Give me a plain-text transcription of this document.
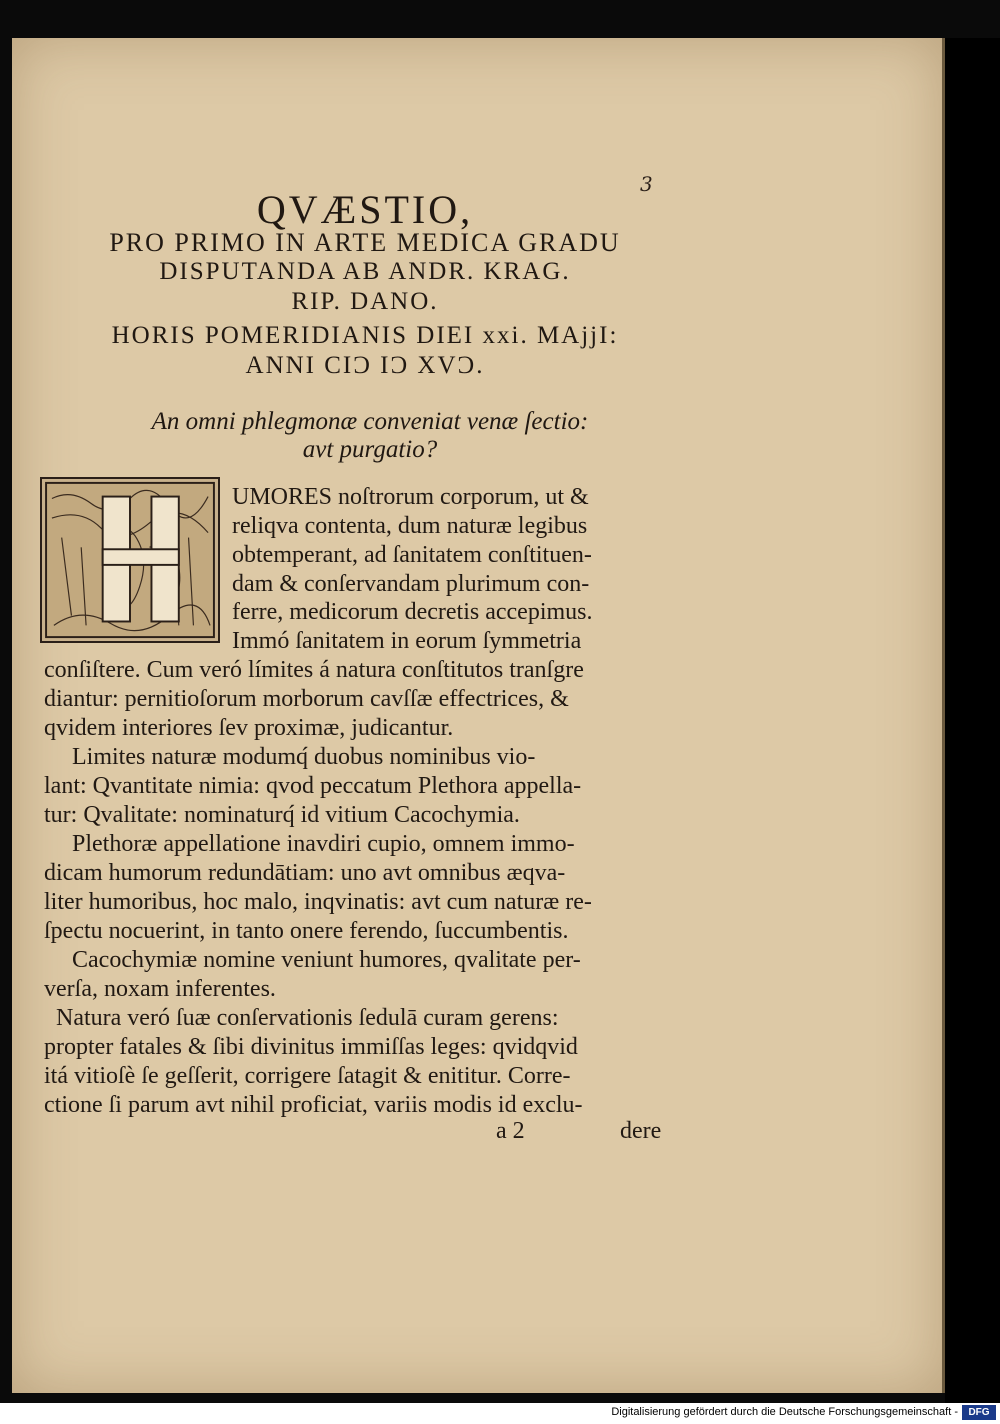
3
QVÆSTIO,
PRO PRIMO IN ARTE MEDICA GRADU
DISPUTANDA AB ANDR. KRAG.
RIP. DANO.
HORIS POMERIDIANIS DIEI xxi. MAjjI:
ANNI CIƆ IƆ XVƆ.
An omni phlegmonæ conveniat venæ ſectio:
avt purgatio?
UMORES noſtrorum corporum, ut &
reliqva contenta, dum naturæ legibus
obtemperant, ad ſanitatem conſtituen-
dam & conſervandam plurimum con-
ferre, medicorum decretis accepimus.
Immó ſanitatem in eorum ſymmetria
conſiſtere. Cum veró límites á natura conſtitutos tranſgre
diantur: pernitioſorum morborum cavſſæ effectrices, &
qvidem interiores ſev proximæ, judicantur.
Limites naturæ modumq́ duobus nominibus vio-
lant: Qvantitate nimia: qvod peccatum Plethora appella-
tur: Qvalitate: nominaturq́ id vitium Cacochymia.
Plethoræ appellatione inavdiri cupio, omnem immo-
dicam humorum redundātiam: uno avt omnibus æqva-
liter humoribus, hoc malo, inqvinatis: avt cum naturæ re-
ſpectu nocuerint, in tanto onere ferendo, ſuccumbentis.
Cacochymiæ nomine veniunt humores, qvalitate per-
verſa, noxam inferentes.
Natura veró ſuæ conſervationis ſedulā curam gerens:
propter fatales & ſibi divinitus immiſſas leges: qvidqvid
itá vitioſè ſe geſſerit, corrigere ſatagit & enititur. Corre-
ctione ſi parum avt nihil proficiat, variis modis id exclu-
a 2	dere
Digitalisierung gefördert durch die Deutsche Forschungsgemeinschaft -	DFG
